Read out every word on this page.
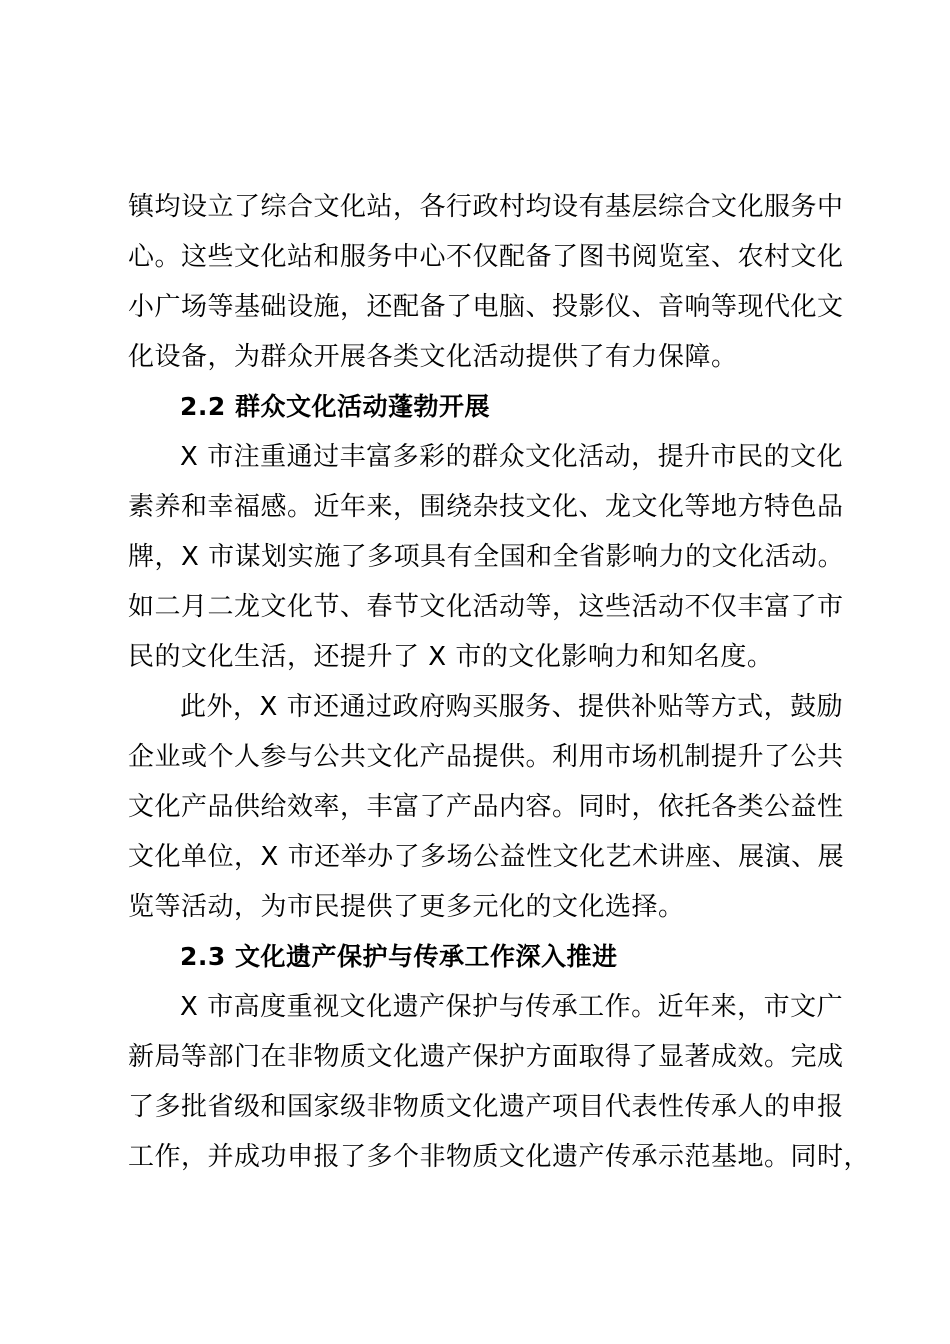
镇均设立了综合文化站，各行政村均设有基层综合文化服务中
心。这些文化站和服务中心不仅配备了图书阅览室、农村文化
小广场等基础设施，还配备了电脑、投影仪、音响等现代化文
化设备，为群众开展各类文化活动提供了有力保障。
2.2 群众文化活动蓬勃开展
X 市注重通过丰富多彩的群众文化活动，提升市民的文化
素养和幸福感。近年来，围绕杂技文化、龙文化等地方特色品
牌，X 市谋划实施了多项具有全国和全省影响力的文化活动。
如二月二龙文化节、春节文化活动等，这些活动不仅丰富了市
民的文化生活，还提升了 X 市的文化影响力和知名度。
此外，X 市还通过政府购买服务、提供补贴等方式，鼓励
企业或个人参与公共文化产品提供。利用市场机制提升了公共
文化产品供给效率，丰富了产品内容。同时，依托各类公益性
文化单位，X 市还举办了多场公益性文化艺术讲座、展演、展
览等活动，为市民提供了更多元化的文化选择。
2.3 文化遗产保护与传承工作深入推进
X 市高度重视文化遗产保护与传承工作。近年来，市文广
新局等部门在非物质文化遗产保护方面取得了显著成效。完成
了多批省级和国家级非物质文化遗产项目代表性传承人的申报
工作，并成功申报了多个非物质文化遗产传承示范基地。同时，
